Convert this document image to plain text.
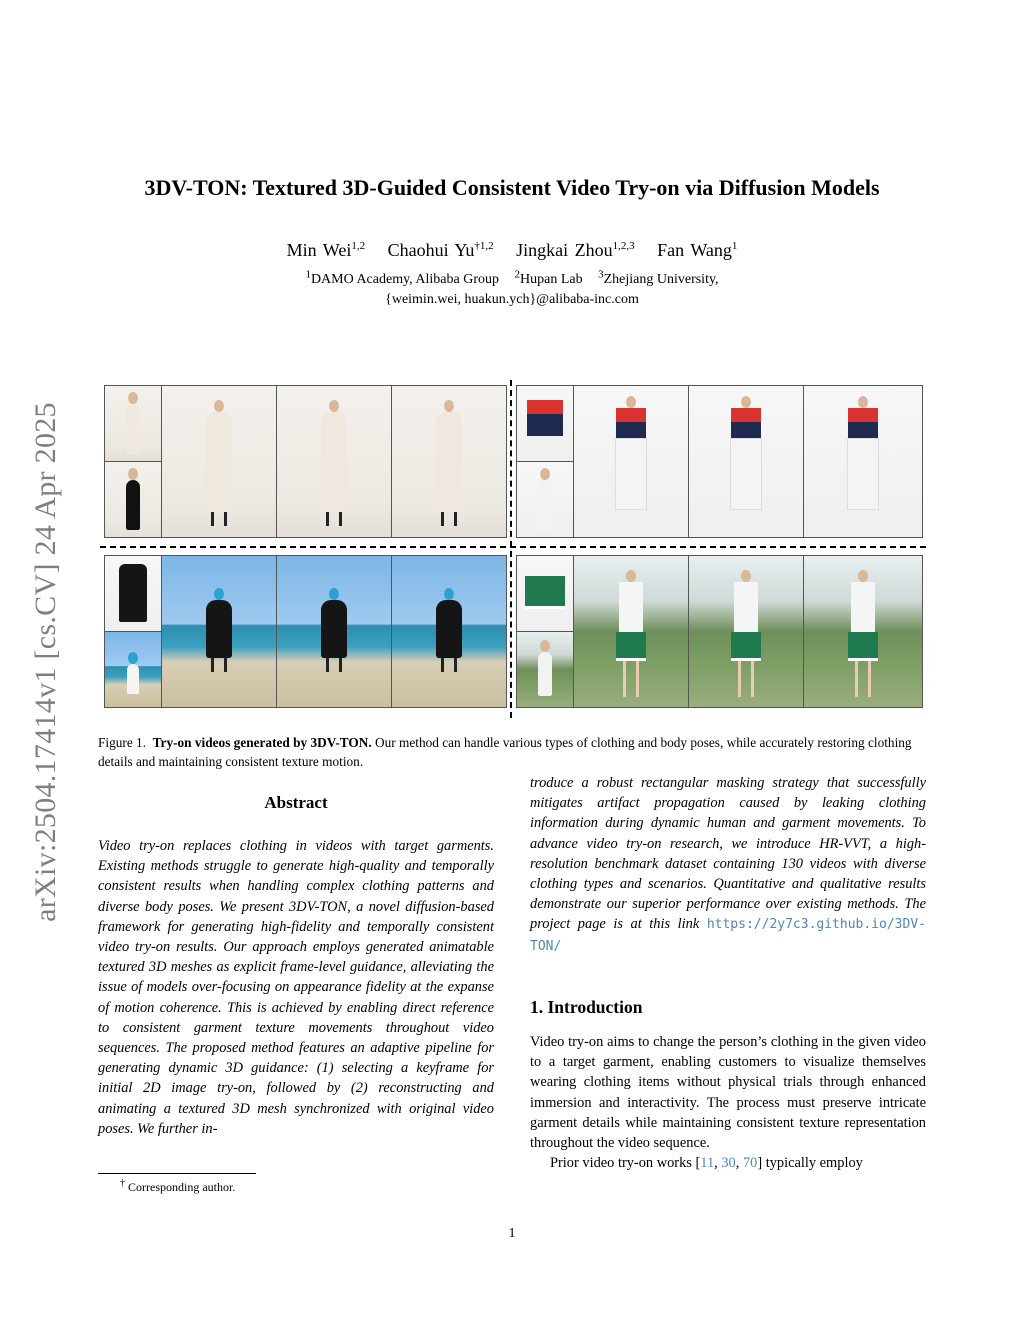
arXiv:2504.17414v1 [cs.CV] 24 Apr 2025
3DV-TON: Textured 3D-Guided Consistent Video Try-on via Diffusion Models
Min Wei$^{1,2}$ Chaohui Yu$^{\dagger 1,2}$ Jingkai Zhou$^{1,2,3}$ Fan Wang$^1$
$^1$DAMO Academy, Alibaba Group $^2$Hupan Lab $^3$Zhejiang University,
{weimin.wei, huakun.ych}@alibaba-inc.com
Figure 1. Try-on videos generated by 3DV-TON. Our method can handle various types of clothing and body poses, while accurately restoring clothing details and maintaining consistent texture motion.
Abstract
Video try-on replaces clothing in videos with target garments. Existing methods struggle to generate high-quality and temporally consistent results when handling complex clothing patterns and diverse body poses. We present 3DV-TON, a novel diffusion-based framework for generating high-fidelity and temporally consistent video try-on results. Our approach employs generated animatable textured 3D meshes as explicit frame-level guidance, alleviating the issue of models over-focusing on appearance fidelity at the expanse of motion coherence. This is achieved by enabling direct reference to consistent garment texture movements throughout video sequences. The proposed method features an adaptive pipeline for generating dynamic 3D guidance: (1) selecting a keyframe for initial 2D image try-on, followed by (2) reconstructing and animating a textured 3D mesh synchronized with original video poses. We further in-
† Corresponding author.
troduce a robust rectangular masking strategy that successfully mitigates artifact propagation caused by leaking clothing information during dynamic human and garment movements. To advance video try-on research, we introduce HR-VVT, a high-resolution benchmark dataset containing 130 videos with diverse clothing types and scenarios. Quantitative and qualitative results demonstrate our superior performance over existing methods. The project page is at this link https://2y7c3.github.io/3DV-TON/
1. Introduction

Video try-on aims to change the person’s clothing in the given video to a target garment, enabling customers to visualize themselves wearing clothing items without physical trials through enhanced immersion and interactivity. The process must preserve intricate garment details while maintaining consistent texture representation throughout the video sequence.

Prior video try-on works [11, 30, 70] typically employ

1
